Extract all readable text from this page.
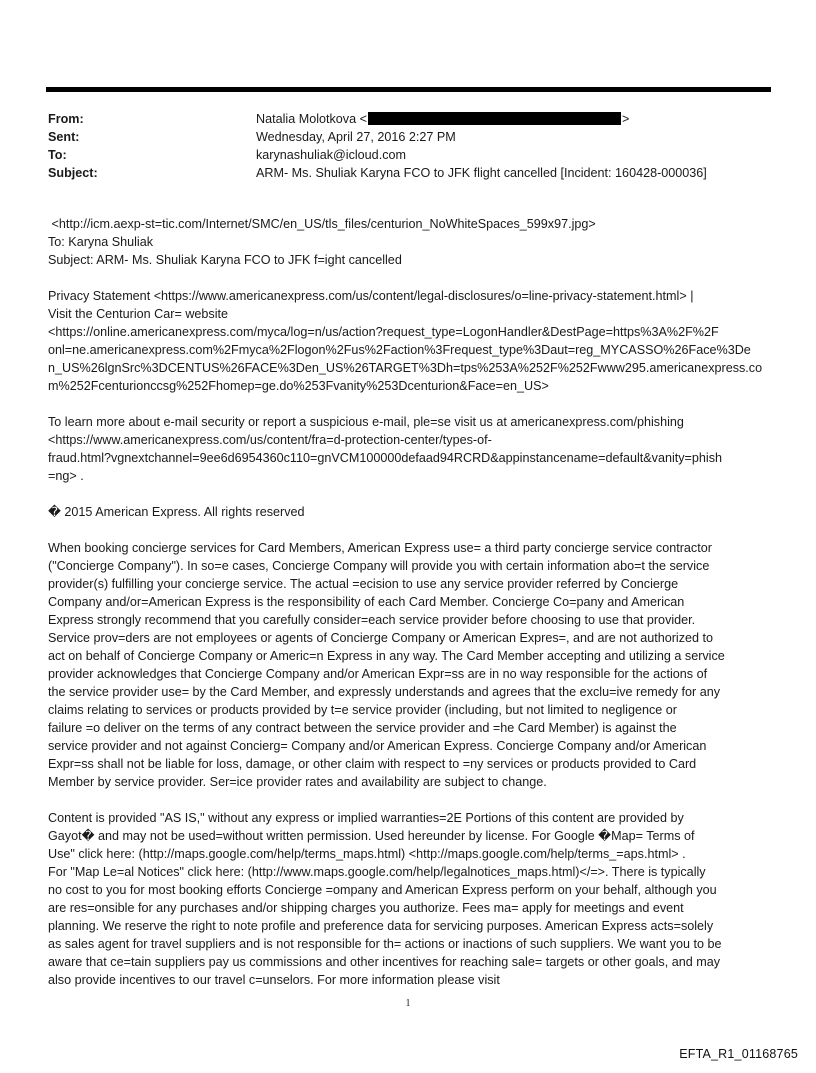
From:	Natalia Molotkova <	>
Sent:	Wednesday, April 27, 2016 2:27 PM
To:	karynashuliak@icloud.com
Subject:	ARM- Ms. Shuliak Karyna FCO to JFK flight cancelled [Incident: 160428-000036]

<http://icm.aexp-st=tic.com/Internet/SMC/en_US/tls_files/centurion_NoWhiteSpaces_599x97.jpg>
To: Karyna Shuliak
Subject: ARM- Ms. Shuliak Karyna FCO to JFK f=ight cancelled

Privacy Statement <https://www.americanexpress.com/us/content/legal-disclosures/o=line-privacy-statement.html> |
Visit the Centurion Car= website
<https://online.americanexpress.com/myca/log=n/us/action?request_type=LogonHandler&DestPage=https%3A%2F%2F
onl=ne.americanexpress.com%2Fmyca%2Flogon%2Fus%2Faction%3Frequest_type%3Daut=reg_MYCASSO%26Face%3De
n_US%26lgnSrc%3DCENTUS%26FACE%3Den_US%26TARGET%3Dh=tps%253A%252F%252Fwww295.americanexpress.co
m%252Fcenturionccsg%252Fhomep=ge.do%253Fvanity%253Dcenturion&Face=en_US>

To learn more about e-mail security or report a suspicious e-mail, ple=se visit us at americanexpress.com/phishing
<https://www.americanexpress.com/us/content/fra=d-protection-center/types-of-
fraud.html?vgnextchannel=9ee6d6954360c110=gnVCM100000defaad94RCRD&appinstancename=default&vanity=phish
=ng> .

� 2015 American Express. All rights reserved

When booking concierge services for Card Members, American Express use= a third party concierge service contractor
("Concierge Company"). In so=e cases, Concierge Company will provide you with certain information abo=t the service
provider(s) fulfilling your concierge service. The actual =ecision to use any service provider referred by Concierge
Company and/or=American Express is the responsibility of each Card Member. Concierge Co=pany and American
Express strongly recommend that you carefully consider=each service provider before choosing to use that provider.
Service prov=ders are not employees or agents of Concierge Company or American Expres=, and are not authorized to
act on behalf of Concierge Company or Americ=n Express in any way. The Card Member accepting and utilizing a service
provider acknowledges that Concierge Company and/or American Expr=ss are in no way responsible for the actions of
the service provider use= by the Card Member, and expressly understands and agrees that the exclu=ive remedy for any
claims relating to services or products provided by t=e service provider (including, but not limited to negligence or
failure =o deliver on the terms of any contract between the service provider and =he Card Member) is against the
service provider and not against Concierg= Company and/or American Express. Concierge Company and/or American
Expr=ss shall not be liable for loss, damage, or other claim with respect to =ny services or products provided to Card
Member by service provider. Ser=ice provider rates and availability are subject to change.

Content is provided "AS IS," without any express or implied warranties=2E Portions of this content are provided by
Gayot� and may not be used=without written permission. Used hereunder by license. For Google �Map= Terms of
Use" click here: (http://maps.google.com/help/terms_maps.html) <http://maps.google.com/help/terms_=aps.html> .
For "Map Le=al Notices" click here: (http://www.maps.google.com/help/legalnotices_maps.html)</=>. There is typically
no cost to you for most booking efforts Concierge =ompany and American Express perform on your behalf, although you
are res=onsible for any purchases and/or shipping charges you authorize. Fees ma= apply for meetings and event
planning. We reserve the right to note profile and preference data for servicing purposes. American Express acts=solely
as sales agent for travel suppliers and is not responsible for th= actions or inactions of such suppliers. We want you to be
aware that ce=tain suppliers pay us commissions and other incentives for reaching sale= targets or other goals, and may
also provide incentives to our travel c=unselors. For more information please visit

1
EFTA_R1_01168765
